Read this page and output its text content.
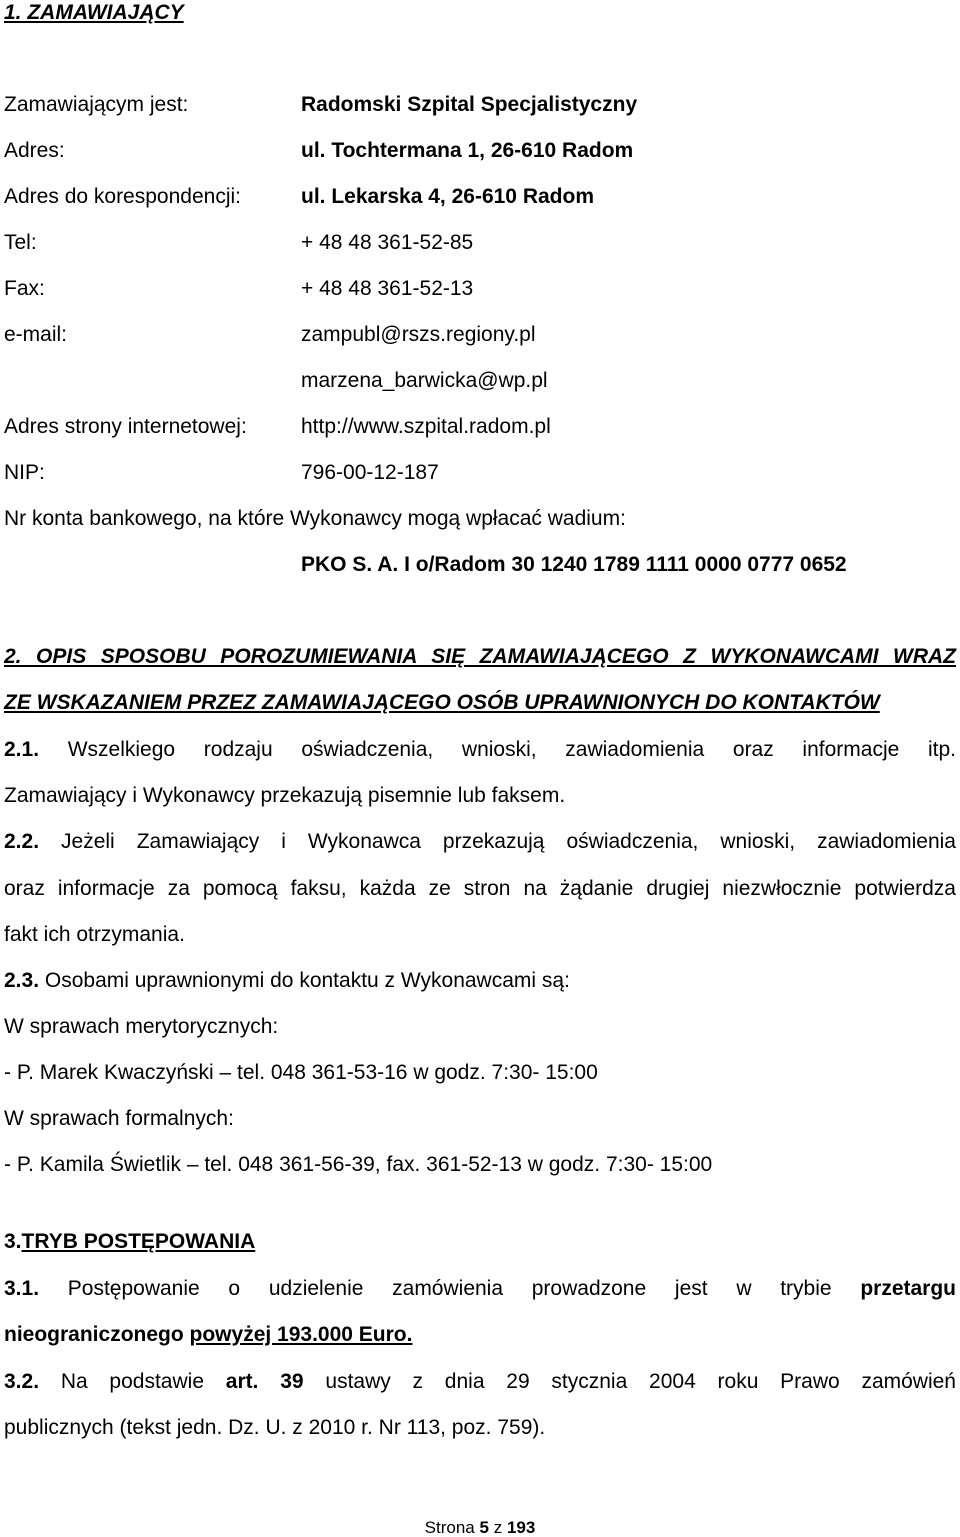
1. ZAMAWIAJĄCY
Zamawiającym jest:	Radomski Szpital Specjalistyczny
Adres:	ul. Tochtermana 1, 26-610 Radom
Adres do korespondencji:	ul. Lekarska 4, 26-610 Radom
Tel:	+ 48 48 361-52-85
Fax:	+ 48 48 361-52-13
e-mail:	zampubl@rszs.regiony.pl
marzena_barwicka@wp.pl
Adres strony internetowej:	http://www.szpital.radom.pl
NIP:	796-00-12-187
Nr konta bankowego, na które Wykonawcy mogą wpłacać wadium:
PKO S. A. I o/Radom 30 1240 1789 1111 0000 0777 0652
2. OPIS SPOSOBU POROZUMIEWANIA SIĘ ZAMAWIAJĄCEGO Z WYKONAWCAMI WRAZ
ZE WSKAZANIEM PRZEZ ZAMAWIAJĄCEGO OSÓB UPRAWNIONYCH DO KONTAKTÓW
2.1. Wszelkiego rodzaju oświadczenia, wnioski, zawiadomienia oraz informacje itp.
Zamawiający i Wykonawcy przekazują pisemnie lub faksem.
2.2. Jeżeli Zamawiający i Wykonawca przekazują oświadczenia, wnioski, zawiadomienia
oraz informacje za pomocą faksu, każda ze stron na żądanie drugiej niezwłocznie potwierdza
fakt ich otrzymania.
2.3. Osobami uprawnionymi do kontaktu z Wykonawcami są:
W sprawach merytorycznych:
- P. Marek Kwaczyński – tel. 048 361-53-16 w godz. 7:30- 15:00
W sprawach formalnych:
- P. Kamila Świetlik – tel. 048 361-56-39, fax. 361-52-13 w godz. 7:30- 15:00
3.TRYB POSTĘPOWANIA
3.1. Postępowanie o udzielenie zamówienia prowadzone jest w trybie przetargu
nieograniczonego powyżej 193.000 Euro.
3.2. Na podstawie art. 39 ustawy z dnia 29 stycznia 2004 roku Prawo zamówień
publicznych (tekst jedn. Dz. U. z 2010 r. Nr 113, poz. 759).
Strona 5 z 193
